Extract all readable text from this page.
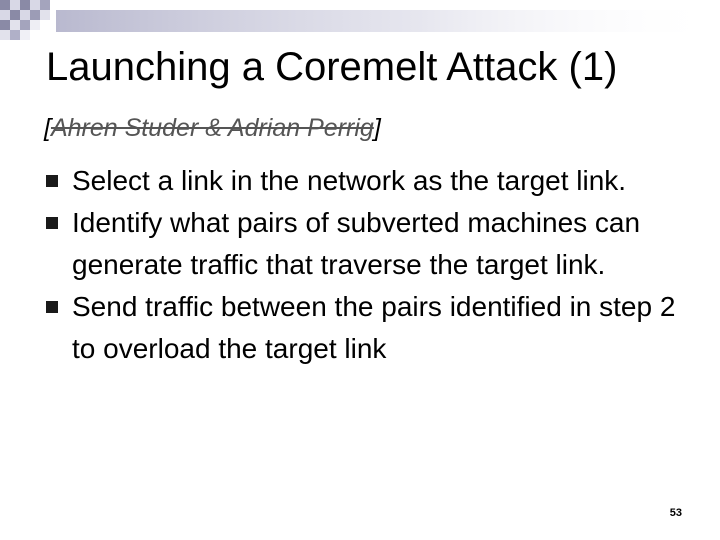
Launching a Coremelt Attack (1)
[Ahren Studer & Adrian Perrig]
Select a link in the network as the target link.
Identify what pairs of subverted machines can generate traffic that traverse the target link.
Send traffic between the pairs identified in step 2 to overload the target link
53
